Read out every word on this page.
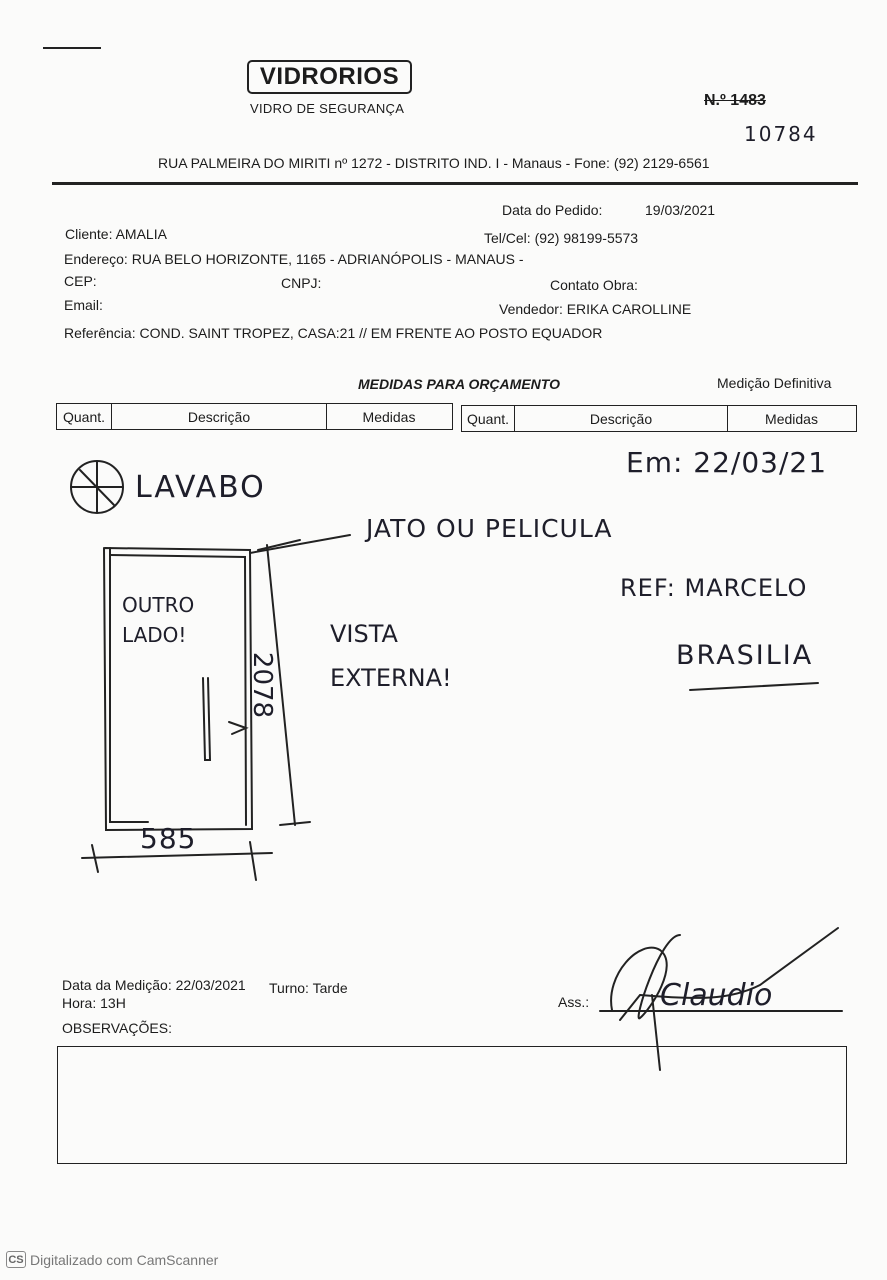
VIDRORIOS
VIDRO DE SEGURANÇA	N.º 1483
10784
RUA PALMEIRA DO MIRITI nº 1272 - DISTRITO IND. I - Manaus - Fone: (92) 2129-6561
Data do Pedido:	19/03/2021
Cliente: AMALIA	Tel/Cel: (92) 98199-5573
Endereço: RUA BELO HORIZONTE, 1165 - ADRIANÓPOLIS - MANAUS -
CEP:	CNPJ:	Contato Obra:
Email:	Vendedor: ERIKA CAROLLINE
Referência: COND. SAINT TROPEZ, CASA:21 // EM FRENTE AO POSTO EQUADOR
MEDIDAS PARA ORÇAMENTO	Medição Definitiva
Quant.	Descrição	Medidas	Quant.	Descrição	Medidas
Em: 22/03/21
LAVABO
JATO OU PELICULA
REF: MARCELO
BRASILIA
OUTRO LADO!	VISTA EXTERNA!
2078
585
Claudio
Data da Medição: 22/03/2021 Turno: Tarde
Hora: 13H	Ass.:
OBSERVAÇÕES:
CS Digitalizado com CamScanner
